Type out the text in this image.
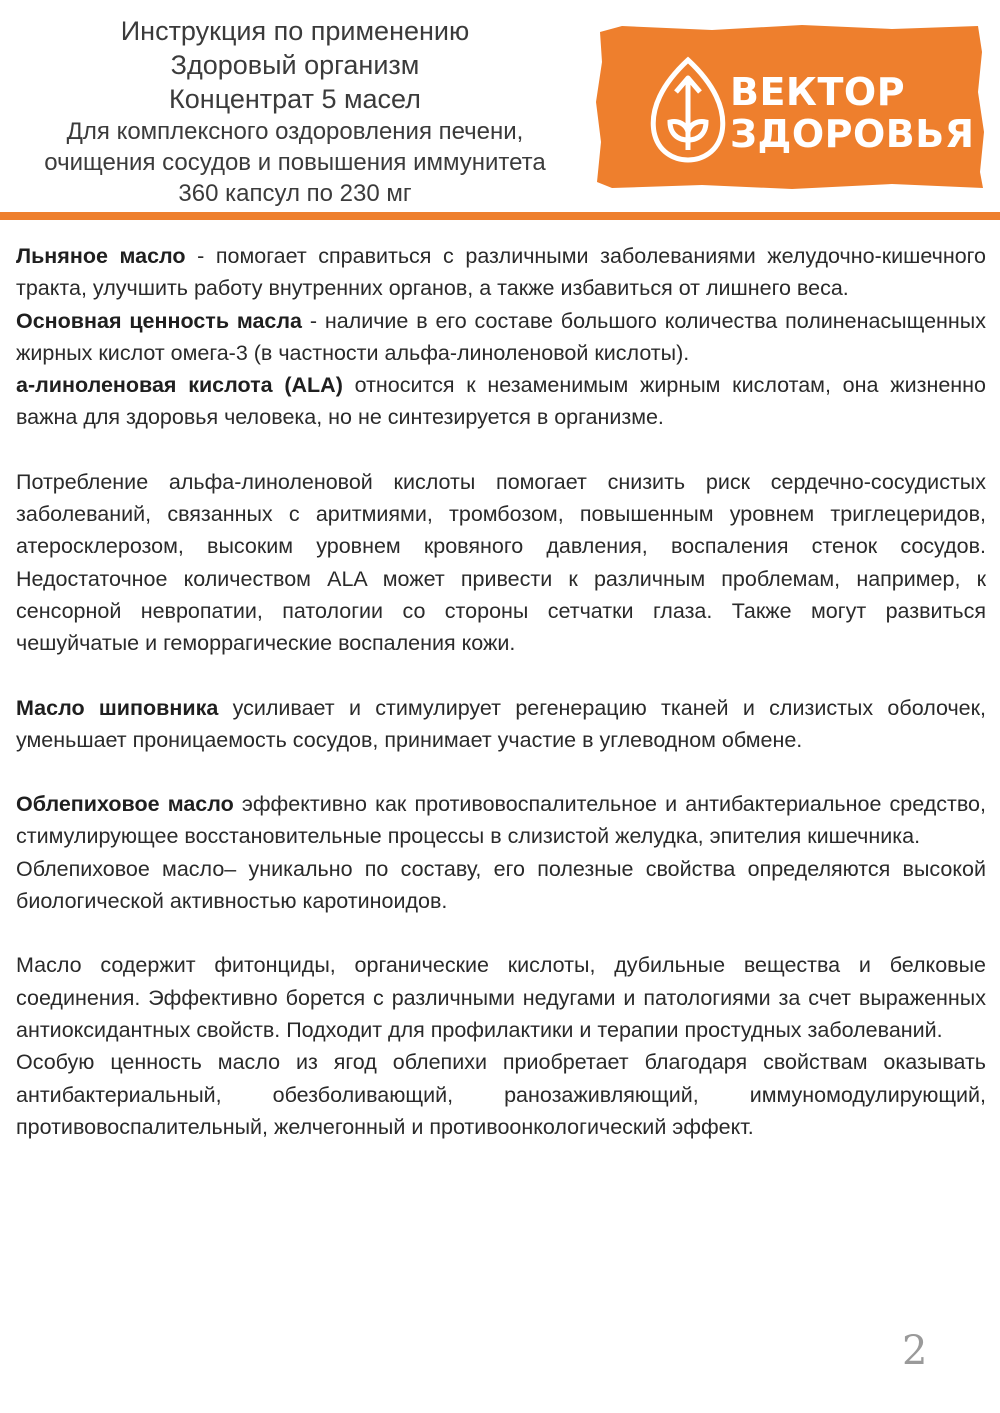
Инструкция по применению
Здоровый организм
Концентрат 5 масел
Для комплексного оздоровления печени,
очищения сосудов и повышения иммунитета
360 капсул по 230 мг
ВЕКТОР
ЗДОРОВЬЯ

Льняное масло - помогает справиться с различными заболеваниями желудочно-кишечного тракта, улучшить работу внутренних органов, а также избавиться от лишнего веса.

Основная ценность масла - наличие в его составе большого количества полиненасыщенных жирных кислот омега-3 (в частности альфа-линоленовой кислоты).

a-линоленовая кислота (ALA) относится к незаменимым жирным кислотам, она жизненно важна для здоровья человека, но не синтезируется в организме.

Потребление альфа-линоленовой кислоты помогает снизить риск сердечно-сосудистых заболеваний, связанных с аритмиями, тромбозом, повышенным уровнем триглецеридов, атеросклерозом, высоким уровнем кровяного давления, воспаления стенок сосудов. Недостаточное количеством ALA может привести к различным проблемам, например, к сенсорной невропатии, патологии со стороны сетчатки глаза. Также могут развиться чешуйчатые и геморрагические воспаления кожи.

Масло шиповника усиливает и стимулирует регенерацию тканей и слизистых оболочек, уменьшает проницаемость сосудов, принимает участие в углеводном обмене.

Облепиховое масло эффективно как противовоспалительное и антибактериальное средство, стимулирующее восстановительные процессы в слизистой желудка, эпителия кишечника.

Облепиховое масло– уникально по составу, его полезные свойства определяются высокой биологической активностью каротиноидов.

Масло содержит фитонциды, органические кислоты, дубильные вещества и белковые соединения. Эффективно борется с различными недугами и патологиями за счет выраженных антиоксидантных свойств. Подходит для профилактики и терапии простудных заболеваний.

Особую ценность масло из ягод облепихи приобретает благодаря свойствам оказывать антибактериальный, обезболивающий, ранозаживляющий, иммуномодулирующий, противовоспалительный, желчегонный и противоонкологический эффект.

2
